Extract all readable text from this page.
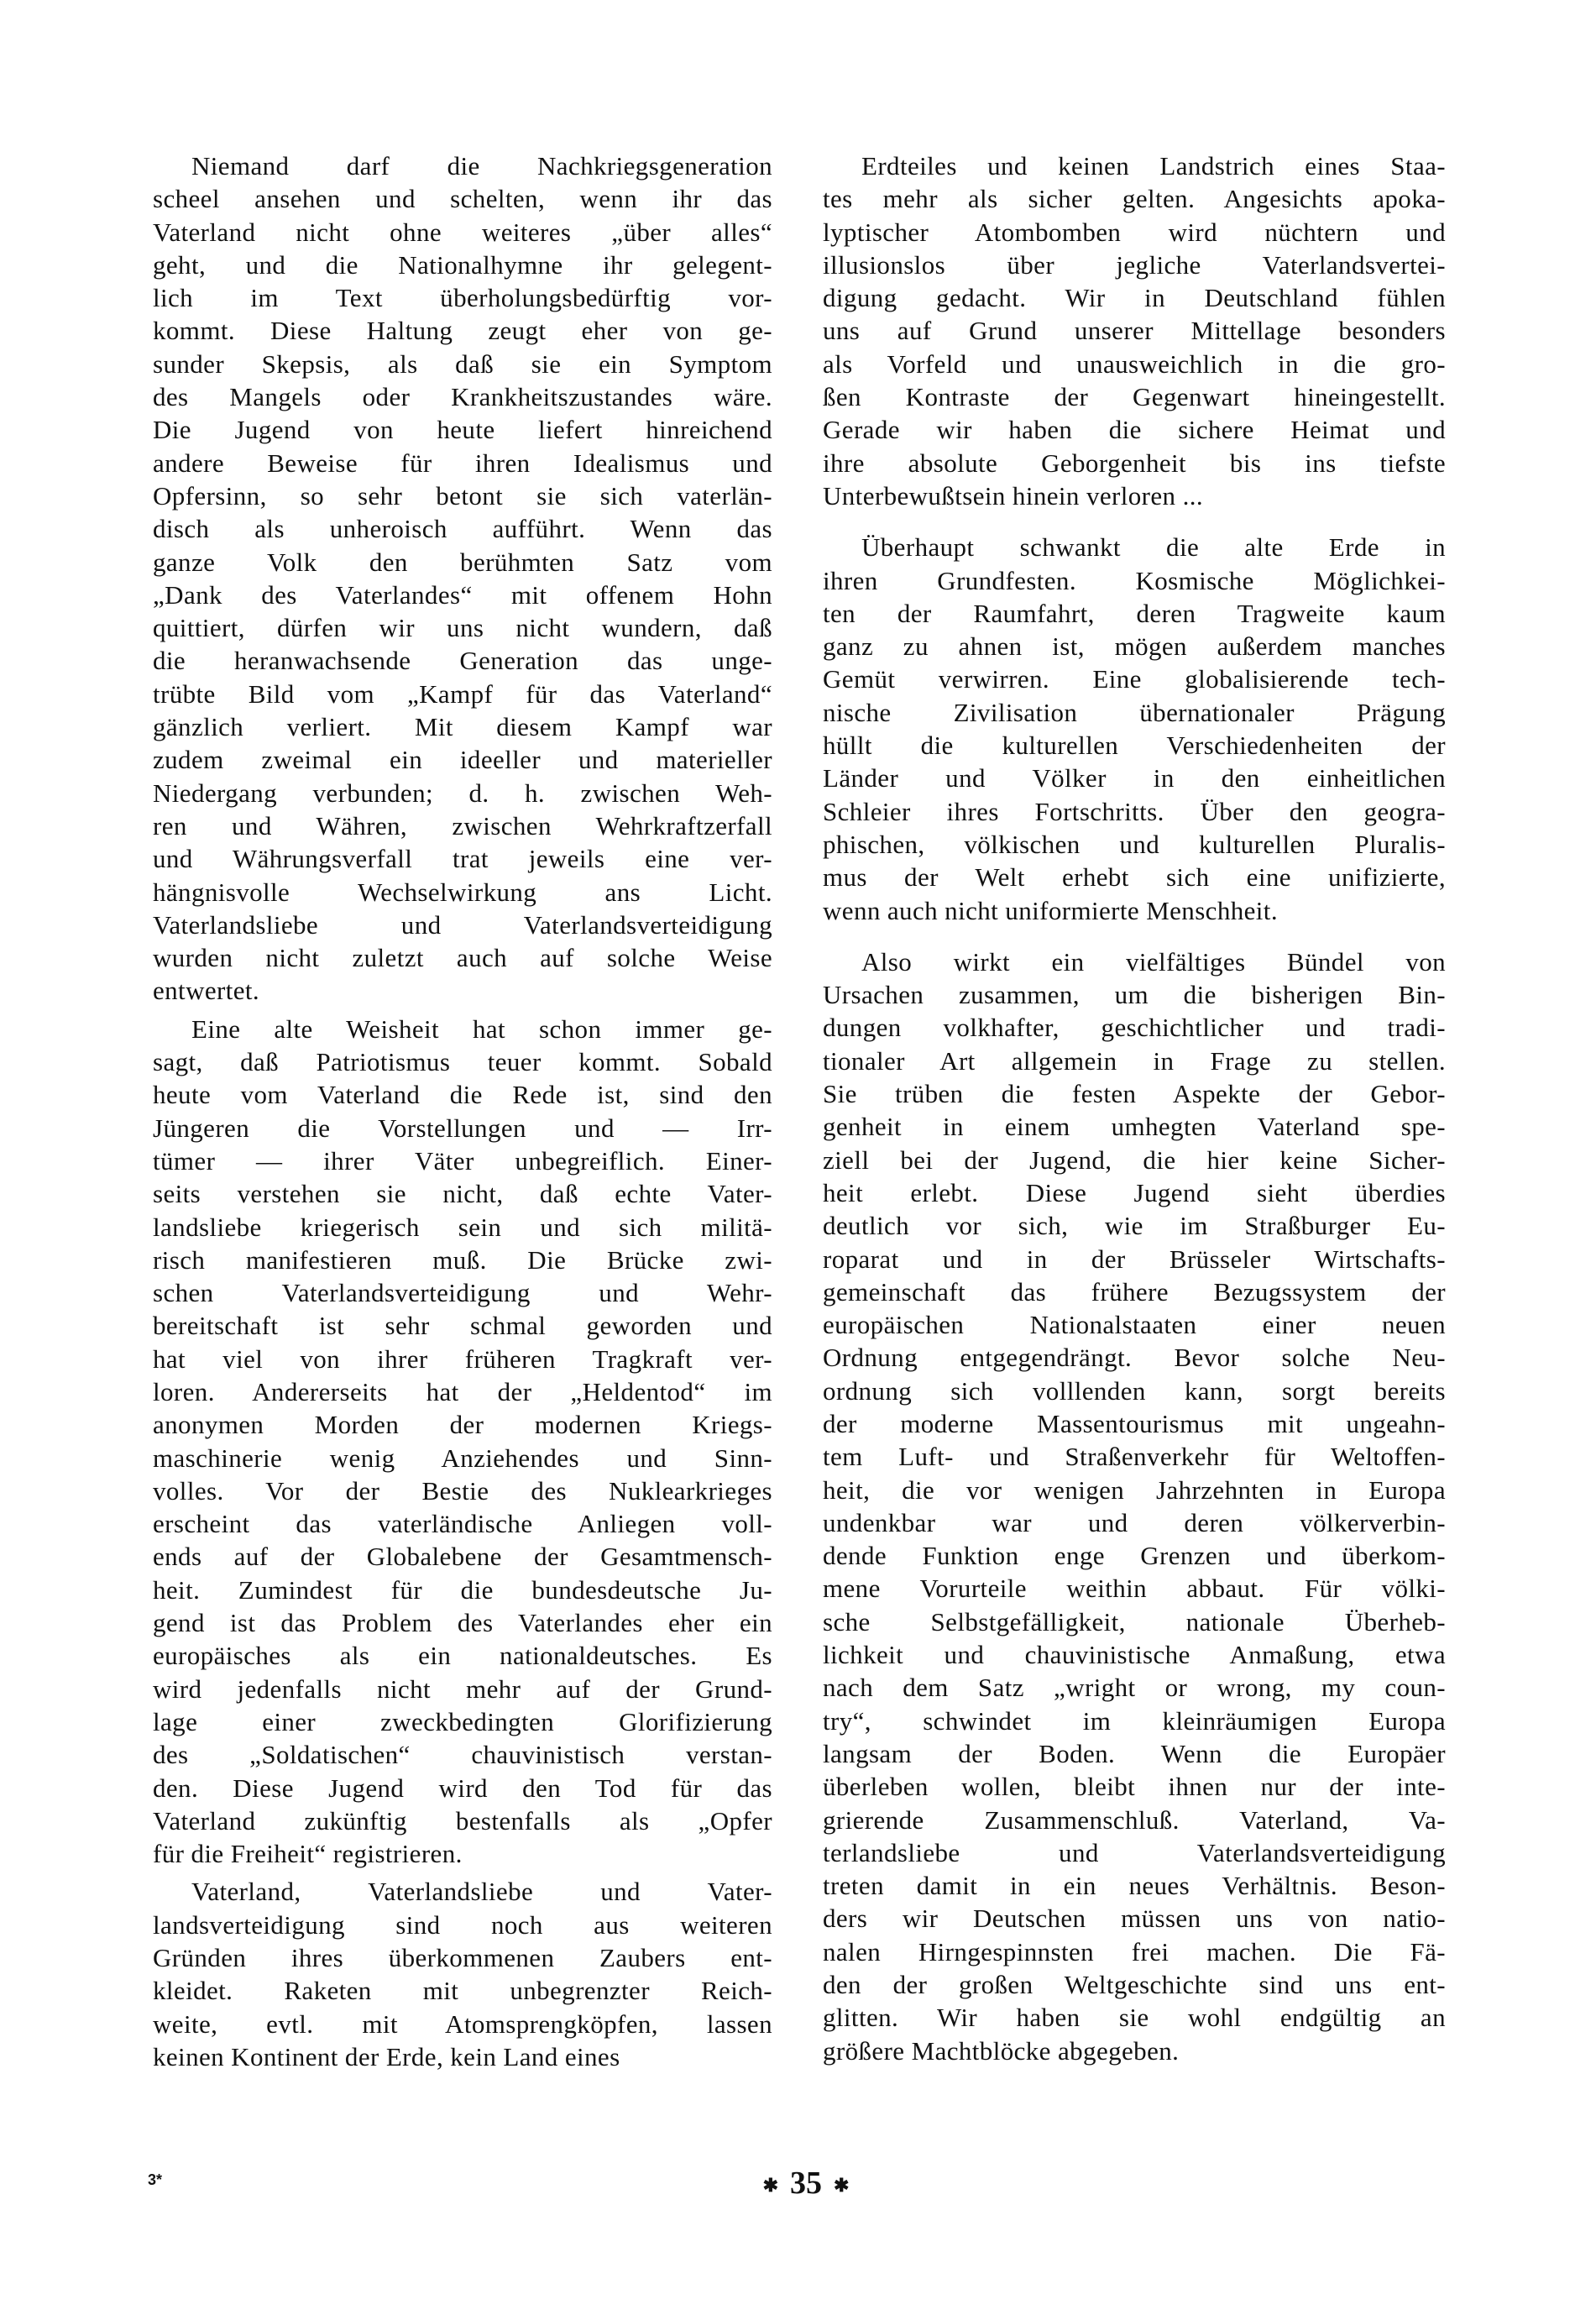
Niemand darf die Nachkriegsgeneration
scheel ansehen und schelten, wenn ihr das
Vaterland nicht ohne weiteres „über alles“
geht, und die Nationalhymne ihr gelegent-
lich im Text überholungsbedürftig vor-
kommt. Diese Haltung zeugt eher von ge-
sunder Skepsis, als daß sie ein Symptom
des Mangels oder Krankheitszustandes wäre.
Die Jugend von heute liefert hinreichend
andere Beweise für ihren Idealismus und
Opfersinn, so sehr betont sie sich vaterlän-
disch als unheroisch aufführt. Wenn das
ganze Volk den berühmten Satz vom
„Dank des Vaterlandes“ mit offenem Hohn
quittiert, dürfen wir uns nicht wundern, daß
die heranwachsende Generation das unge-
trübte Bild vom „Kampf für das Vaterland“
gänzlich verliert. Mit diesem Kampf war
zudem zweimal ein ideeller und materieller
Niedergang verbunden; d. h. zwischen Weh-
ren und Währen, zwischen Wehrkraftzerfall
und Währungsverfall trat jeweils eine ver-
hängnisvolle Wechselwirkung ans Licht.
Vaterlandsliebe und Vaterlandsverteidigung
wurden nicht zuletzt auch auf solche Weise
entwertet.
Eine alte Weisheit hat schon immer ge-
sagt, daß Patriotismus teuer kommt. Sobald
heute vom Vaterland die Rede ist, sind den
Jüngeren die Vorstellungen und — Irr-
tümer — ihrer Väter unbegreiflich. Einer-
seits verstehen sie nicht, daß echte Vater-
landsliebe kriegerisch sein und sich militä-
risch manifestieren muß. Die Brücke zwi-
schen Vaterlandsverteidigung und Wehr-
bereitschaft ist sehr schmal geworden und
hat viel von ihrer früheren Tragkraft ver-
loren. Andererseits hat der „Heldentod“ im
anonymen Morden der modernen Kriegs-
maschinerie wenig Anziehendes und Sinn-
volles. Vor der Bestie des Nuklearkrieges
erscheint das vaterländische Anliegen voll-
ends auf der Globalebene der Gesamtmensch-
heit. Zumindest für die bundesdeutsche Ju-
gend ist das Problem des Vaterlandes eher ein
europäisches als ein nationaldeutsches. Es
wird jedenfalls nicht mehr auf der Grund-
lage einer zweckbedingten Glorifizierung
des „Soldatischen“ chauvinistisch verstan-
den. Diese Jugend wird den Tod für das
Vaterland zukünftig bestenfalls als „Opfer
für die Freiheit“ registrieren.
Vaterland, Vaterlandsliebe und Vater-
landsverteidigung sind noch aus weiteren
Gründen ihres überkommenen Zaubers ent-
kleidet. Raketen mit unbegrenzter Reich-
weite, evtl. mit Atomsprengköpfen, lassen
keinen Kontinent der Erde, kein Land eines
Erdteiles und keinen Landstrich eines Staa-
tes mehr als sicher gelten. Angesichts apoka-
lyptischer Atombomben wird nüchtern und
illusionslos über jegliche Vaterlandsvertei-
digung gedacht. Wir in Deutschland fühlen
uns auf Grund unserer Mittellage besonders
als Vorfeld und unausweichlich in die gro-
ßen Kontraste der Gegenwart hineingestellt.
Gerade wir haben die sichere Heimat und
ihre absolute Geborgenheit bis ins tiefste
Unterbewußtsein hinein verloren ...
Überhaupt schwankt die alte Erde in
ihren Grundfesten. Kosmische Möglichkei-
ten der Raumfahrt, deren Tragweite kaum
ganz zu ahnen ist, mögen außerdem manches
Gemüt verwirren. Eine globalisierende tech-
nische Zivilisation übernationaler Prägung
hüllt die kulturellen Verschiedenheiten der
Länder und Völker in den einheitlichen
Schleier ihres Fortschritts. Über den geogra-
phischen, völkischen und kulturellen Pluralis-
mus der Welt erhebt sich eine unifizierte,
wenn auch nicht uniformierte Menschheit.
Also wirkt ein vielfältiges Bündel von
Ursachen zusammen, um die bisherigen Bin-
dungen volkhafter, geschichtlicher und tradi-
tionaler Art allgemein in Frage zu stellen.
Sie trüben die festen Aspekte der Gebor-
genheit in einem umhegten Vaterland spe-
ziell bei der Jugend, die hier keine Sicher-
heit erlebt. Diese Jugend sieht überdies
deutlich vor sich, wie im Straßburger Eu-
roparat und in der Brüsseler Wirtschafts-
gemeinschaft das frühere Bezugssystem der
europäischen Nationalstaaten einer neuen
Ordnung entgegendrängt. Bevor solche Neu-
ordnung sich volllenden kann, sorgt bereits
der moderne Massentourismus mit ungeahn-
tem Luft- und Straßenverkehr für Weltoffen-
heit, die vor wenigen Jahrzehnten in Europa
undenkbar war und deren völkerverbin-
dende Funktion enge Grenzen und überkom-
mene Vorurteile weithin abbaut. Für völki-
sche Selbstgefälligkeit, nationale Überheb-
lichkeit und chauvinistische Anmaßung, etwa
nach dem Satz „wright or wrong, my coun-
try“, schwindet im kleinräumigen Europa
langsam der Boden. Wenn die Europäer
überleben wollen, bleibt ihnen nur der inte-
grierende Zusammenschluß. Vaterland, Va-
terlandsliebe und Vaterlandsverteidigung
treten damit in ein neues Verhältnis. Beson-
ders wir Deutschen müssen uns von natio-
nalen Hirngespinnsten frei machen. Die Fä-
den der großen Weltgeschichte sind uns ent-
glitten. Wir haben sie wohl endgültig an
größere Machtblöcke abgegeben.
3*	✱ 35 ✱
